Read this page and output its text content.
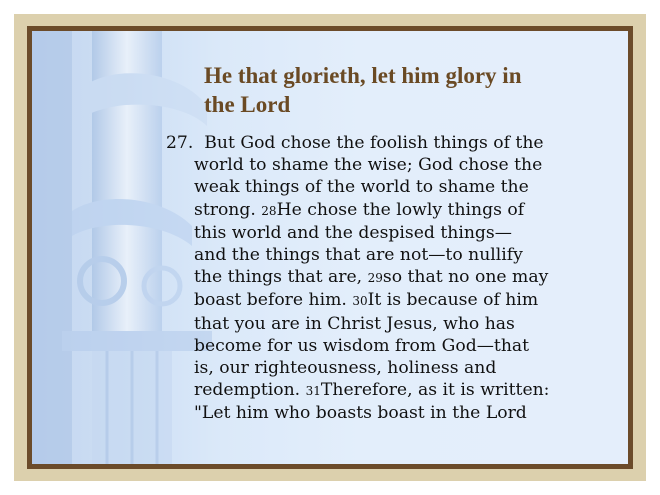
He that glorieth, let him glory in
the Lord
27. But God chose the foolish things of the
world to shame the wise; God chose the
weak things of the world to shame the
strong. 28He chose the lowly things of
this world and the despised things—
and the things that are not—to nullify
the things that are, 29so that no one may
boast before him. 30It is because of him
that you are in Christ Jesus, who has
become for us wisdom from God—that
is, our righteousness, holiness and
redemption. 31Therefore, as it is written:
"Let him who boasts boast in the Lord
